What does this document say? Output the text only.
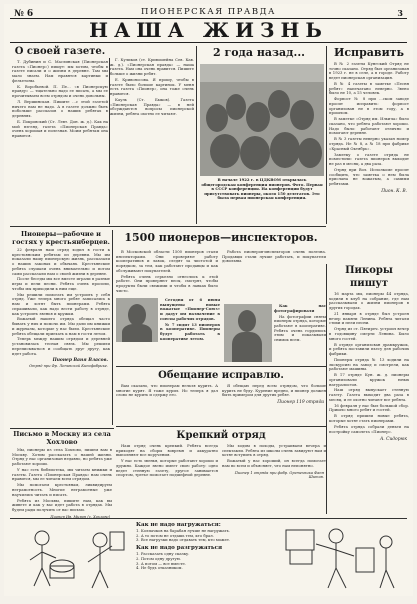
№ 6	ПИОНЕРСКАЯ ПРАВДА	3
НАША ЖИЗНЬ
О своей газете.

Т. Дубинин и С. Маслинская (Пионерская газета «Пионер») пишут: мы хотим, чтобы в газете писали и о жизни в деревне. Там мы мало знаем. Нам нравятся картинки и фельетоны.

К. Воробьевой. П. Пе... «в Пионерскую правду» — тщательно надо ее писать, а мы ее прочитываем всем отрядом и очень довольны.

Л. Вершинская. Пишите ...с этой газетой ничего нам не надо. А в газете должно быть побольше рассказов о наших ребятах в деревнях.

Б. Покровский (Ст. Левт. Дон. ж. д.). Как на мой взгляд, газета «Пионерская Правда» очень хорошая и полезная. Моим ребятам она нравится.

Г. Куликов (ст. Кривошейна Сев. Кав. ж. д.). «Пионерская правда» — наша газета. Нам она очень нравится. Пишите больше о жизни ребят.

Е. Кривоносова. Я прошу, чтобы в газете было больше картинок. У меня есть газета «Пионер», она тоже очень нравится.

Кауль (Ст. Быков). Газета «Пионерская Правда» — в ней обсуждаются вопросы пионерской жизни, ребята охотно ее читают.

2 года назад...

В начале 1922 г. в ЦДКВОМ открылась общегородская конференция пионеров. Фото. Первая в СССР конференция. На конференции будут присутствовать пионеры, около 150 делегатов. Это была первая пионерская конференция.

Исправить

В № 2 газеты Кунгский Отряд не точно сказано. Отряд был организован в 1923 г. не в селе, а в городе. Работу ведет пионерская организация.

В № 4 газеты в заметке «Песня ребят» напечатано неверно. Звено было не 10, а 15 человек.

Форпост № 8 при ...ском заводе просит исправить: форпост организован не в этом году, а в прошлом.

В заметке «Отряд им. Ильича» было сказано, что ребята работают хорошо. Надо было: работают отлично и помогают деревне.

В № 3 газеты неверно указан номер отряда. Не № 8, а № 18 при фабрике «Красный Октябрь».

Заметку о газете отряда не поместили: газета пионеров выходит не раз в месяц, а два раза.

Отряд при Вол. Исполкоме просит сообщить, что заметка о нем была прислана не вожатым, а самими ребятами.

Пион. К. В.
Пионеры—рабочие и гостях у крестьянберцев.

22 февраля наш отряд ходил в гости к крестьянским ребятам из деревни. Мы им показали нашу пионерскую жизнь, рассказали о наших законах и обычаях. Крестьянские ребята слушали очень внимательно и потом сами рассказали нам о своей жизни в деревне.

После беседы мы все вместе играли в разные игры и пели песни. Ребята очень просили, чтобы мы приходили к ним еще.

Мы решили помогать им устроить у себя отряд. Уже теперь много ребят записались к нам и хотят быть пионерами. Ребята спрашивали, как надо вести работу в отряде, как устроить звенья и кружки.

Вожатый нашего отряда обещал часто бывать у них и помочь им. Мы дали им книжки и журналы, которые у нас были. Крестьянские ребята обещали приехать к нам в гости летом.

Теперь между нашим отрядом и деревней установилась тесная связь. Мы решили переписываться и сообщать друг другу, как идет работа.

Пионер Ваня Власов.
Отряд при Фр. Ленинской Кинофабрике.
1500 пионеров—инспекторов.

В Московской области 1500 пионеров стали инспекторами. Они проверяют работу кооперативов и лавок, следят за чистотой и порядком, за тем, как работают продавцы и как обслуживают покупателей.

Ребята очень серьезно отнеслись к этой работе. Они проверяют весы, смотрят, чтобы продукты были свежими и чтобы в лавках было чисто.

Работа пионеров-инспекторов очень полезна. Продавцы стали лучше работать, и покупатели довольны.

Сегодня от 6 июня выпущены новые вожатые «Пионер-Союз» и дадут им назначение в союзы рабочих отрядов.

№ 7 сидит 13 пионеров в кооперативе. Пионеры будут работать в кооперативе летом.

Как нас фотографировали

На фотографии сняты пионеры отряда, которые работают в кооперативе. Ребята очень гордились этим и показывали снимок всем.

Обещание исправлю.

Вам сказано, что пионерам нельзя курить. А многие курят. Я тоже курил. Но теперь я дал слово не курить и сдержу его.

Я обещаю перед всем отрядом, что больше курить не буду. Курение вредно, и пионер должен быть примером для других ребят.

Пионер 119 отряда
Крепкий отряд

Наш отряд очень крепкий. Ребята всегда приходят на сборы вовремя и аккуратно выполняют все поручения.

У нас есть звенья, которые работают хорошо и дружно. Каждое звено имеет свою работу: одно ведет стенную газету, другое занимается спортом, третье помогает подшефной деревне.

Мы ходим в походы, устраиваем вечера и спектакли. Ребята из школы очень завидуют нам и хотят вступить в отряд.

Вожатый у нас хороший, он всегда помогает нам во всем и объясняет, что нам непонятно.

Пионер 1 отряда при фабр. Оргтехника Фаня Шитов.
Пикоры пишут

16 марта мы, пионеры 44 отряда, ходили в клуб на собрание, где нам рассказывали о жизни пионеров в других городах.

21 января в отряде был устроен вечер памяти Ленина. Ребята читали стихи и пели песни.

Отряд из ст. Пятиреч. устроил вечер в годовщину смерти Ленина. Было много гостей.

В отряде организован драмкружок, и ребята поставили пьесу для рабочих фабрики.

Пионеры отряда № 13 ходили на экскурсию на завод и смотрели, как работают машины.

В 17 отряде Кун. ж. д. пионеры организовали кружок юных натуралистов.

Наш отряд выпускает стенную газету. Газета выходит два раза в месяц, и ее охотно читают все ребята.

16 февраля у нас был большой сбор. Пришло много ребят и гостей.

В отряд пришли новые ребята, которые хотят стать пионерами.

Ребята отряда собрали деньги на постройку самолета «Пионер».

А. Сидорюк
Письмо в Москву из села Хохлово

Мы, пионеры из села Хохлово, пишем вам в Москву. Хотим рассказать о нашей жизни. Отряд у нас организован недавно, но ребята уже работают хорошо.

У нас есть библиотека, мы читаем книжки и газеты. Газета «Пионерская Правда» нам очень нравится, мы ее читаем всем отрядом.

Мы помогаем крестьянам, ликвидируем неграмотность. Многие неграмотные уже научились читать и писать.

Ребята из Москвы, пишите нам, как вы живете и как у вас идет работа в отрядах. Мы будем рады получить от вас письмо.

Пионер Ив. Мирон (с. Хохлово)
Как не надо нагружаться:
1. Колпачков на барабан лучше не нагружать.
2. А то потом не отдашь тем, кто брал.
3. Все нагрузки надо отдавать тем, кто может.
Как не надо разгружаться
1. Рассказать одну сказку.
2. Потом одну другую.
3. А потом — все вместе.
4. Не будь отказником.
